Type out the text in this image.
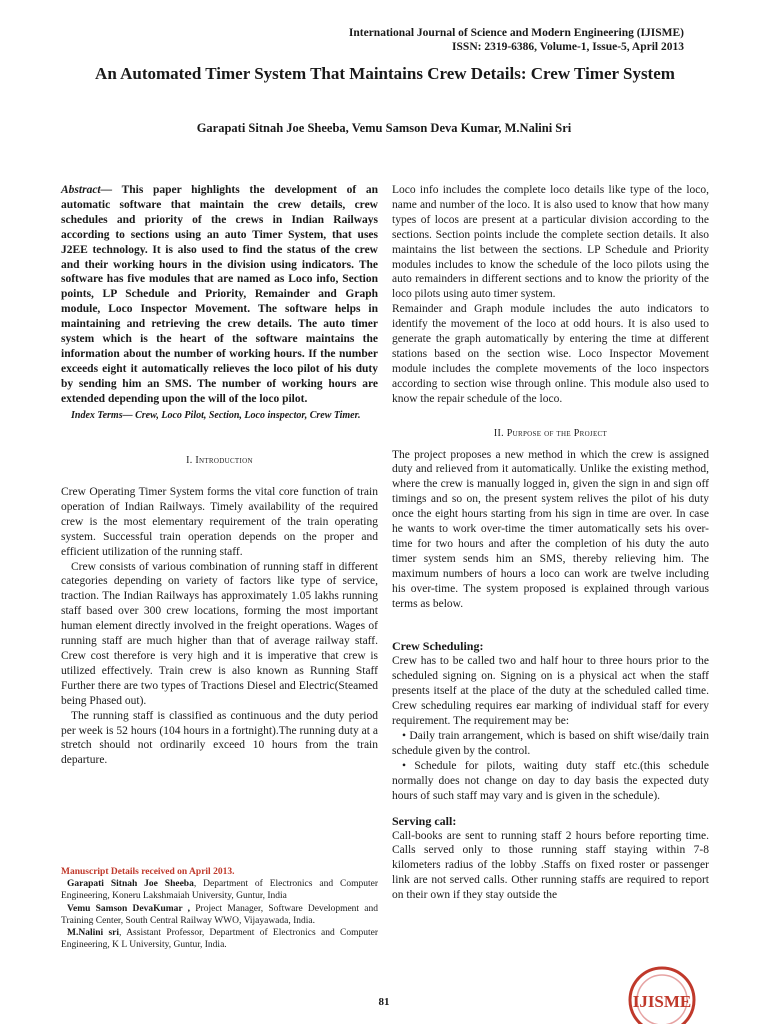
International Journal of Science and Modern Engineering (IJISME)
ISSN: 2319-6386, Volume-1, Issue-5, April 2013
An Automated Timer System That Maintains Crew Details: Crew Timer System
Garapati Sitnah Joe Sheeba, Vemu Samson Deva Kumar, M.Nalini Sri

Abstract— This paper highlights the development of an automatic software that maintain the crew details, crew schedules and priority of the crews in Indian Railways according to sections using an auto Timer System, that uses J2EE technology. It is also used to find the status of the crew and their working hours in the division using indicators. The software has five modules that are named as Loco info, Section points, LP Schedule and Priority, Remainder and Graph module, Loco Inspector Movement. The software helps in maintaining and retrieving the crew details. The auto timer system which is the heart of the software maintains the information about the number of working hours. If the number exceeds eight it automatically relieves the loco pilot of his duty by sending him an SMS. The number of working hours are extended depending upon the will of the loco pilot.

Index Terms— Crew, Loco Pilot, Section, Loco inspector, Crew Timer.

I. Introduction

Crew Operating Timer System forms the vital core function of train operation of Indian Railways. Timely availability of the required crew is the most elementary requirement of the train operating system. Successful train operation depends on the proper and efficient utilization of the running staff.

Crew consists of various combination of running staff in different categories depending on variety of factors like type of service, traction. The Indian Railways has approximately 1.05 lakhs running staff based over 300 crew locations, forming the most important human element directly involved in the freight operations. Wages of running staff are much higher than that of average railway staff. Crew cost therefore is very high and it is imperative that crew is utilized effectively. Train crew is also known as Running Staff Further there are two types of Tractions Diesel and Electric(Steamed being Phased out).

The running staff is classified as continuous and the duty period per week is 52 hours (104 hours in a fortnight).The running duty at a stretch should not ordinarily exceed 10 hours from the train departure.

Manuscript Details received on April 2013.

Garapati Sitnah Joe Sheeba, Department of Electronics and Computer Engineering, Koneru Lakshmaiah University, Guntur, India

Vemu Samson DevaKumar , Project Manager, Software Development and Training Center, South Central Railway WWO, Vijayawada, India.

M.Nalini sri, Assistant Professor, Department of Electronics and Computer Engineering, K L University, Guntur, India.

Loco info includes the complete loco details like type of the loco, name and number of the loco. It is also used to know that how many types of locos are present at a particular division according to the sections. Section points include the complete section details. It also maintains the list between the sections. LP Schedule and Priority modules includes to know the schedule of the loco pilots using the auto remainders in different sections and to know the priority of the loco pilots using auto timer system.

Remainder and Graph module includes the auto indicators to identify the movement of the loco at odd hours. It is also used to generate the graph automatically by entering the time at different stations based on the section wise. Loco Inspector Movement module includes the complete movements of the loco inspectors according to section wise through online. This module also used to know the repair schedule of the loco.

II. Purpose of the Project

The project proposes a new method in which the crew is assigned duty and relieved from it automatically. Unlike the existing method, where the crew is manually logged in, given the sign in and sign off timings and so on, the present system relives the pilot of his duty once the eight hours starting from his sign in time are over. In case he wants to work over-time the timer automatically sets his over-time for two hours and after the completion of his duty the auto timer system sends him an SMS, thereby relieving him. The maximum numbers of hours a loco can work are twelve including his over-time. The system proposed is explained through various terms as below.

Crew Scheduling:

Crew has to be called two and half hour to three hours prior to the scheduled signing on. Signing on is a physical act when the staff presents itself at the place of the duty at the scheduled called time. Crew scheduling requires ear marking of individual staff for every requirement. The requirement may be:

• Daily train arrangement, which is based on shift wise/daily train schedule given by the control.

• Schedule for pilots, waiting duty staff etc.(this schedule normally does not change on day to day basis the expected duty hours of such staff may vary and is given in the schedule).

Serving call:

Call-books are sent to running staff 2 hours before reporting time. Calls served only to those running staff staying within 7-8 kilometers radius of the lobby .Staffs on fixed roster or passenger link are not served calls. Other running staffs are required to report on their own if they stay outside the

81	IJISME
